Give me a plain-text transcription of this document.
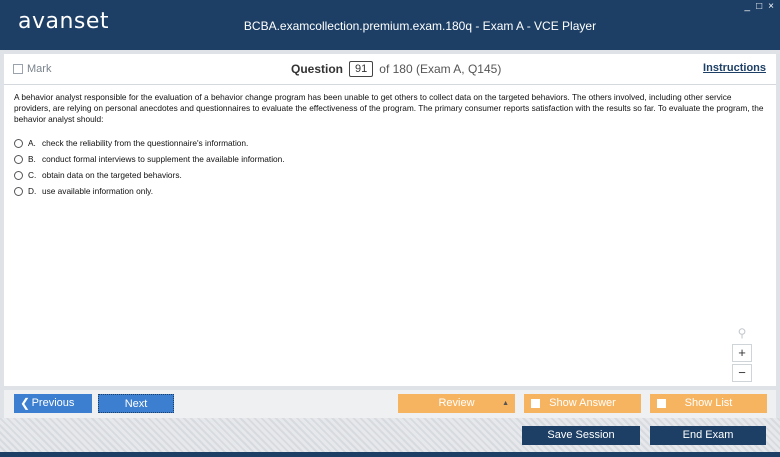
avanset	BCBA.examcollection.premium.exam.180q - Exam A - VCE Player
_ □ ×
Mark	Question	91	of 180 (Exam A, Q145)	Instructions
A behavior analyst responsible for the evaluation of a behavior change program has been unable to get others to collect data on the targeted behaviors. The others involved, including other service providers, are relying on personal anecdotes and questionnaires to evaluate the effectiveness of the program. The primary consumer reports satisfaction with the results so far. To evaluate the program, the behavior analyst should:
A. check the reliability from the questionnaire's information.
B. conduct formal interviews to supplement the available information.
C. obtain data on the targeted behaviors.
D. use available information only.
⚲
+
−
❮ Previous	Next	Review	▲	Show Answer	Show List
Save Session	End Exam
